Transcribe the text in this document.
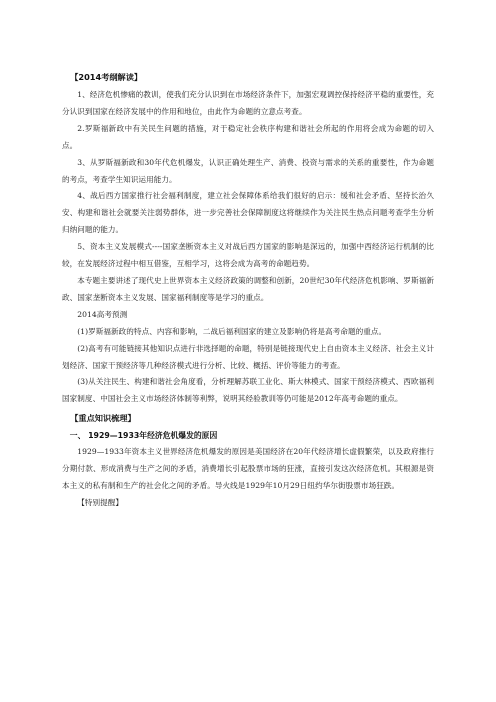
【2014考纲解读】

1、经济危机惨痛的教训，使我们充分认识到在市场经济条件下，加强宏观调控保持经济平稳的重要性，充分认识到国家在经济发展中的作用和地位，由此作为命题的立意点考查。

2.罗斯福新政中有关民生问题的措施，对于稳定社会秩序构建和谐社会所起的作用将会成为命题的切入点。

3、从罗斯福新政和30年代危机爆发，认识正确处理生产、消费、投资与需求的关系的重要性，作为命题的考点，考查学生知识运用能力。

4、战后西方国家推行社会福利制度，建立社会保障体系给我们很好的启示：缓和社会矛盾、坚持长治久安、构建和谐社会就要关注弱势群体，进一步完善社会保障制度这将继续作为关注民生热点问题考查学生分析归纳问题的能力。

5、资本主义发展模式----国家垄断资本主义对战后西方国家的影响是深远的，加强中西经济运行机制的比较，在发展经济过程中相互借鉴，互相学习，这将会成为高考的命题趋势。

本专题主要讲述了现代史上世界资本主义经济政策的调整和创新，20世纪30年代经济危机影响、罗斯福新政、国家垄断资本主义发展、国家福利制度等是学习的重点。

2014高考预测

(1)罗斯福新政的特点、内容和影响，二战后福利国家的建立及影响仍将是高考命题的重点。

(2)高考有可能链接其他知识点进行非选择题的命题，特别是链接现代史上自由资本主义经济、社会主义计划经济、国家干预经济等几种经济模式进行分析、比较、概括、评价等能力的考查。

(3)从关注民生、构建和谐社会角度看，分析理解苏联工业化、斯大林模式、国家干预经济模式、西欧福利国家制度、中国社会主义市场经济体制等利弊，说明其经验教训等仍可能是2012年高考命题的重点。

【重点知识梳理】

一、 1929—1933年经济危机爆发的原因

1929—1933年资本主义世界经济危机爆发的原因是美国经济在20年代经济增长虚假繁荣，以及政府推行分期付款、形成消费与生产之间的矛盾，消费增长引起股票市场的狂涨，直接引发这次经济危机。其根源是资本主义的私有制和生产的社会化之间的矛盾。导火线是1929年10月29日纽约华尔街股票市场狂跌。

【特别提醒】
